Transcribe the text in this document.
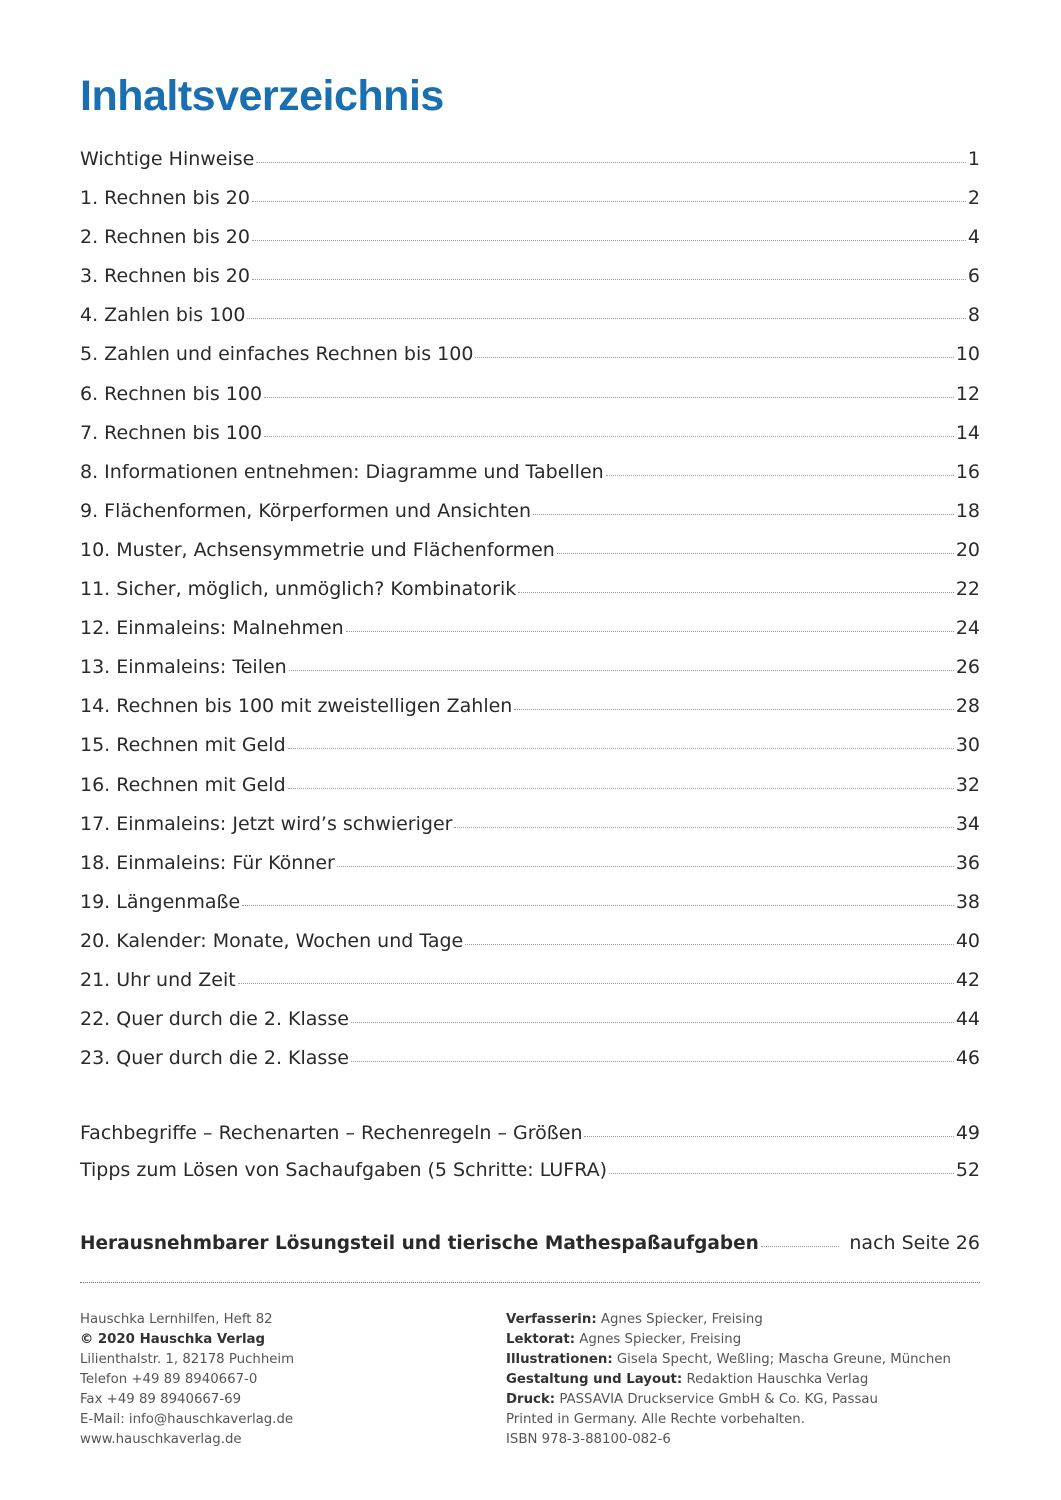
Inhaltsverzeichnis
Wichtige Hinweise	1
1. Rechnen bis 20	2
2. Rechnen bis 20	4
3. Rechnen bis 20	6
4. Zahlen bis 100	8
5. Zahlen und einfaches Rechnen bis 100	10
6. Rechnen bis 100	12
7. Rechnen bis 100	14
8. Informationen entnehmen: Diagramme und Tabellen	16
9. Flächenformen, Körperformen und Ansichten	18
10. Muster, Achsensymmetrie und Flächenformen	20
11. Sicher, möglich, unmöglich? Kombinatorik	22
12. Einmaleins: Malnehmen	24
13. Einmaleins: Teilen	26
14. Rechnen bis 100 mit zweistelligen Zahlen	28
15. Rechnen mit Geld	30
16. Rechnen mit Geld	32
17. Einmaleins: Jetzt wird’s schwieriger	34
18. Einmaleins: Für Könner	36
19. Längenmaße	38
20. Kalender: Monate, Wochen und Tage	40
21. Uhr und Zeit	42
22. Quer durch die 2. Klasse	44
23. Quer durch die 2. Klasse	46
Fachbegriffe – Rechenarten – Rechenregeln – Größen	49
Tipps zum Lösen von Sachaufgaben (5 Schritte: LUFRA)	52
Herausnehmbarer Lösungsteil und tierische Mathespaßaufgaben	nach Seite 26
Hauschka Lernhilfen, Heft 82
© 2020 Hauschka Verlag
Lilienthalstr. 1, 82178 Puchheim
Telefon +49 89 8940667-0
Fax +49 89 8940667-69
E-Mail: info@hauschkaverlag.de
www.hauschkaverlag.de
Verfasserin: Agnes Spiecker, Freising
Lektorat: Agnes Spiecker, Freising
Illustrationen: Gisela Specht, Weßling; Mascha Greune, München
Gestaltung und Layout: Redaktion Hauschka Verlag
Druck: PASSAVIA Druckservice GmbH & Co. KG, Passau
Printed in Germany. Alle Rechte vorbehalten.
ISBN 978-3-88100-082-6
